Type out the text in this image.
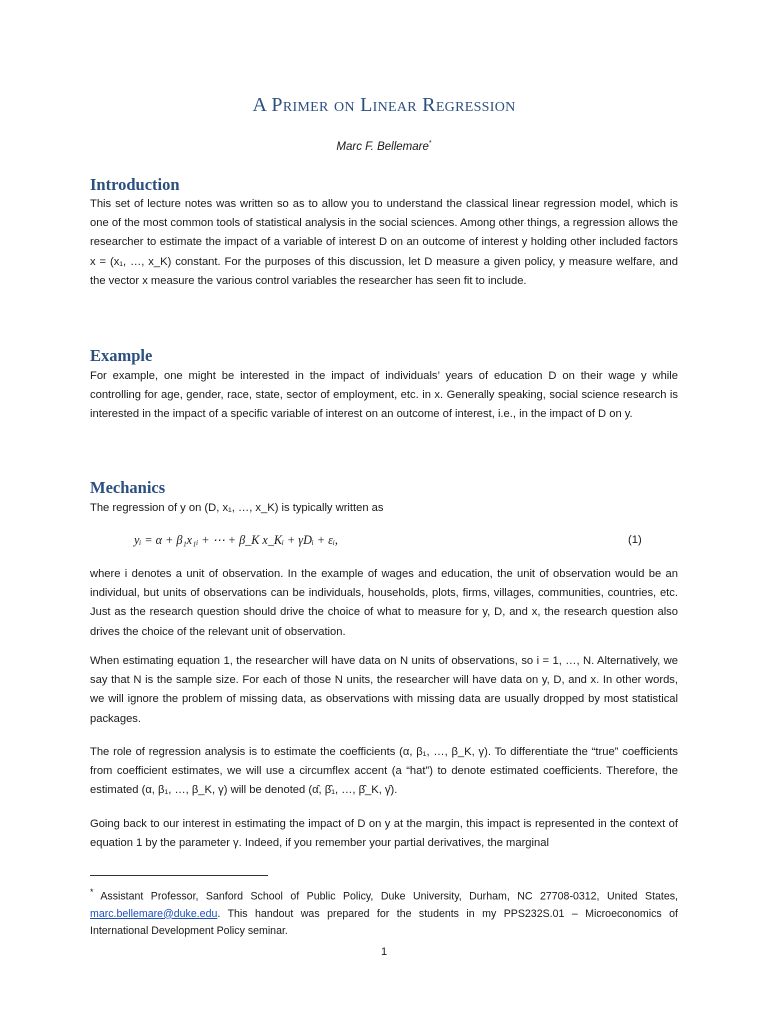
A Primer on Linear Regression
Marc F. Bellemare*
Introduction

This set of lecture notes was written so as to allow you to understand the classical linear regression model, which is one of the most common tools of statistical analysis in the social sciences. Among other things, a regression allows the researcher to estimate the impact of a variable of interest D on an outcome of interest y holding other included factors x = (x₁, …, x_K) constant. For the purposes of this discussion, let D measure a given policy, y measure welfare, and the vector x measure the various control variables the researcher has seen fit to include.

Example

For example, one might be interested in the impact of individuals’ years of education D on their wage y while controlling for age, gender, race, state, sector of employment, etc. in x. Generally speaking, social science research is interested in the impact of a specific variable of interest on an outcome of interest, i.e., in the impact of D on y.

Mechanics

The regression of y on (D, x₁, …, x_K) is typically written as

yᵢ = α + β₁x₁ᵢ + ⋯ + β_K x_Kᵢ + γDᵢ + εᵢ,	(1)

where i denotes a unit of observation. In the example of wages and education, the unit of observation would be an individual, but units of observations can be individuals, households, plots, firms, villages, communities, countries, etc. Just as the research question should drive the choice of what to measure for y, D, and x, the research question also drives the choice of the relevant unit of observation.

When estimating equation 1, the researcher will have data on N units of observations, so i = 1, …, N. Alternatively, we say that N is the sample size. For each of those N units, the researcher will have data on y, D, and x. In other words, we will ignore the problem of missing data, as observations with missing data are usually dropped by most statistical packages.

The role of regression analysis is to estimate the coefficients (α, β₁, …, β_K, γ). To differentiate the “true” coefficients from coefficient estimates, we will use a circumflex accent (a “hat”) to denote estimated coefficients. Therefore, the estimated (α, β₁, …, β_K, γ) will be denoted (α̂, β̂₁, …, β̂_K, γ̂).

Going back to our interest in estimating the impact of D on y at the margin, this impact is represented in the context of equation 1 by the parameter γ. Indeed, if you remember your partial derivatives, the marginal

* Assistant Professor, Sanford School of Public Policy, Duke University, Durham, NC 27708-0312, United States, marc.bellemare@duke.edu. This handout was prepared for the students in my PPS232S.01 – Microeconomics of International Development Policy seminar.

1
